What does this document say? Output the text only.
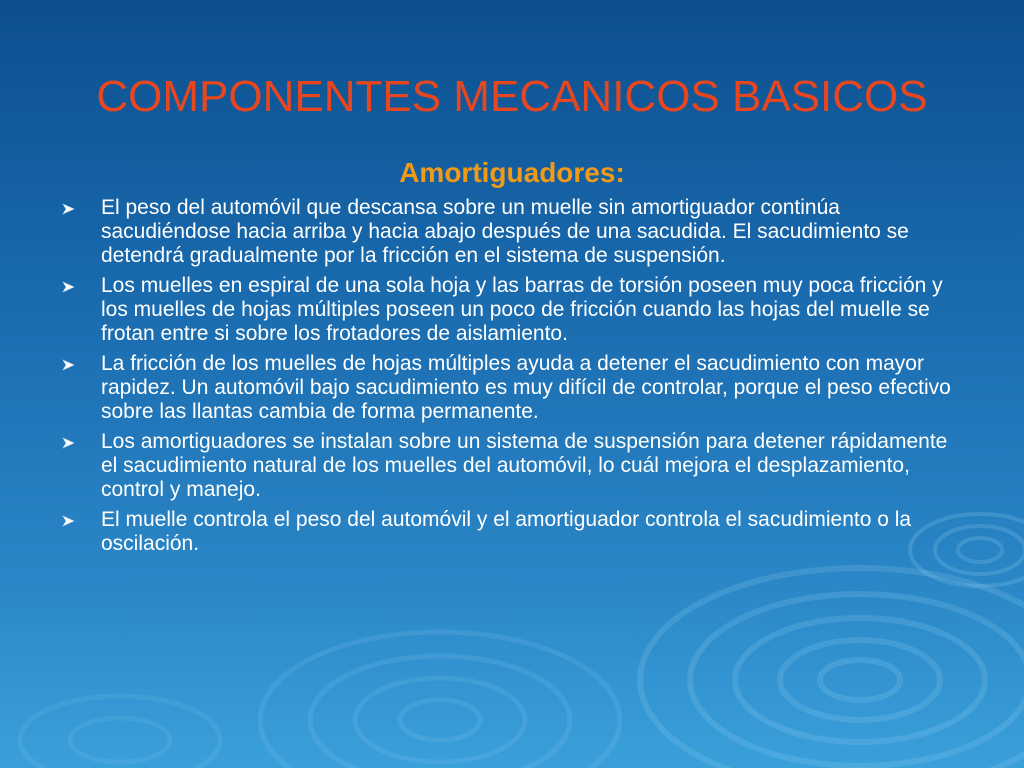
COMPONENTES MECANICOS BASICOS
Amortiguadores:
El peso del automóvil que descansa sobre un muelle sin amortiguador continúa sacudiéndose hacia arriba y hacia abajo después de una sacudida. El sacudimiento se detendrá gradualmente por la fricción en el sistema de suspensión.
Los muelles en espiral de una sola hoja y las barras de torsión poseen muy poca fricción y los muelles de hojas múltiples poseen un poco de fricción cuando las hojas del muelle se frotan entre si sobre los frotadores de aislamiento.
La fricción de los muelles de hojas múltiples ayuda a detener el sacudimiento con mayor rapidez. Un automóvil bajo sacudimiento es muy difícil de controlar, porque el peso efectivo sobre las llantas cambia de forma permanente.
Los amortiguadores se instalan sobre un sistema de suspensión para detener rápidamente el sacudimiento natural de los muelles del automóvil, lo cuál mejora el desplazamiento, control y manejo.
El muelle controla el peso del automóvil y el amortiguador controla el sacudimiento o la oscilación.
